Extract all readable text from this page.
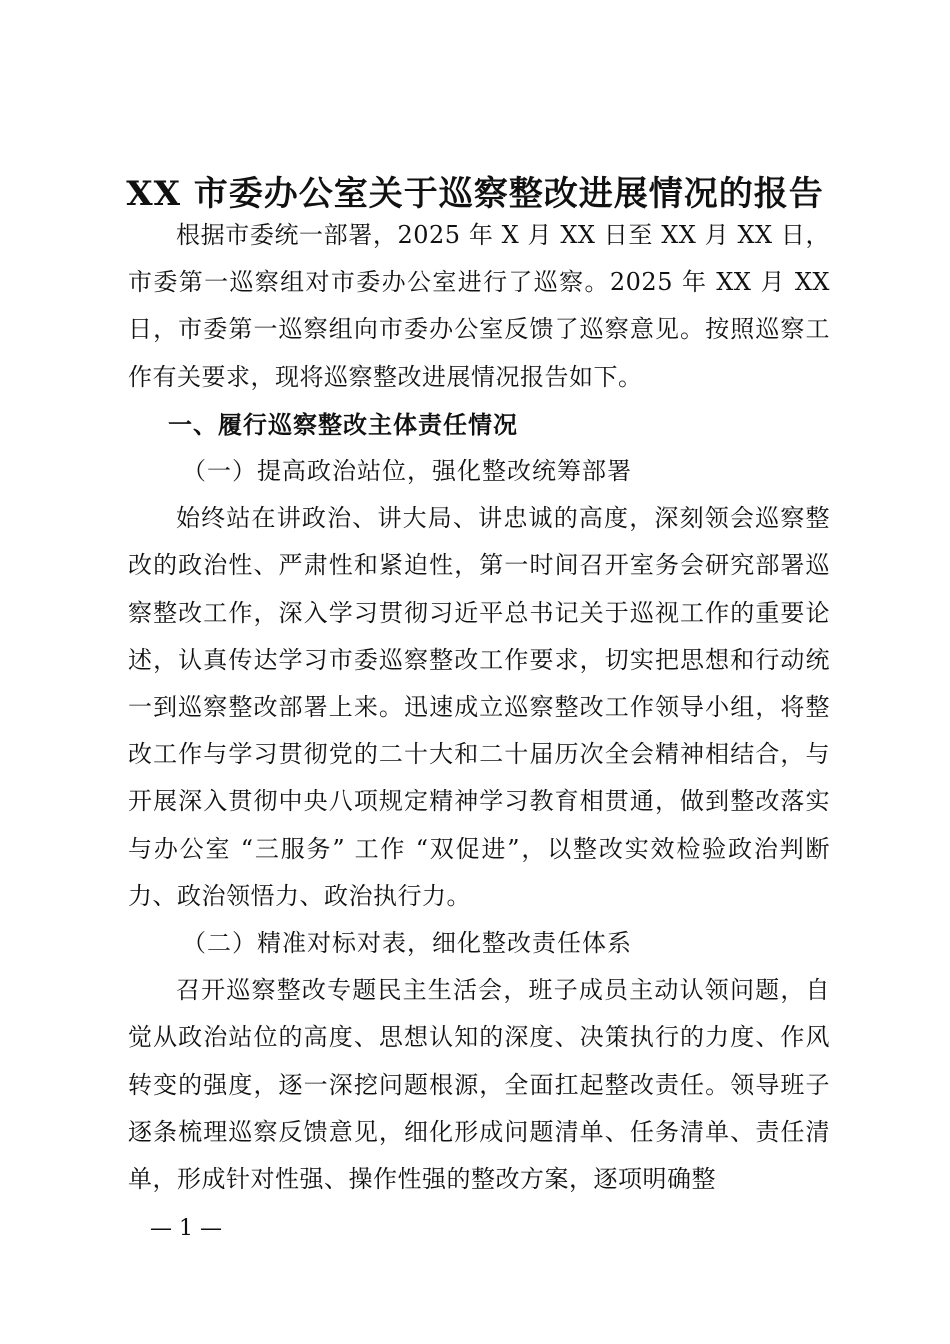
XX 市委办公室关于巡察整改进展情况的报告

根据市委统一部署，2025 年 X 月 XX 日至 XX 月 XX 日，市委第一巡察组对市委办公室进行了巡察。2025 年 XX 月 XX 日，市委第一巡察组向市委办公室反馈了巡察意见。按照巡察工作有关要求，现将巡察整改进展情况报告如下。

一、履行巡察整改主体责任情况

（一）提高政治站位，强化整改统筹部署

始终站在讲政治、讲大局、讲忠诚的高度，深刻领会巡察整改的政治性、严肃性和紧迫性，第一时间召开室务会研究部署巡察整改工作，深入学习贯彻习近平总书记关于巡视工作的重要论述，认真传达学习市委巡察整改工作要求，切实把思想和行动统一到巡察整改部署上来。迅速成立巡察整改工作领导小组，将整改工作与学习贯彻党的二十大和二十届历次全会精神相结合，与开展深入贯彻中央八项规定精神学习教育相贯通，做到整改落实与办公室 “三服务” 工作 “双促进”，以整改实效检验政治判断力、政治领悟力、政治执行力。

（二）精准对标对表，细化整改责任体系

召开巡察整改专题民主生活会，班子成员主动认领问题，自觉从政治站位的高度、思想认知的深度、决策执行的力度、作风转变的强度，逐一深挖问题根源，全面扛起整改责任。领导班子逐条梳理巡察反馈意见，细化形成问题清单、任务清单、责任清单，形成针对性强、操作性强的整改方案，逐项明确整

— 1 —
